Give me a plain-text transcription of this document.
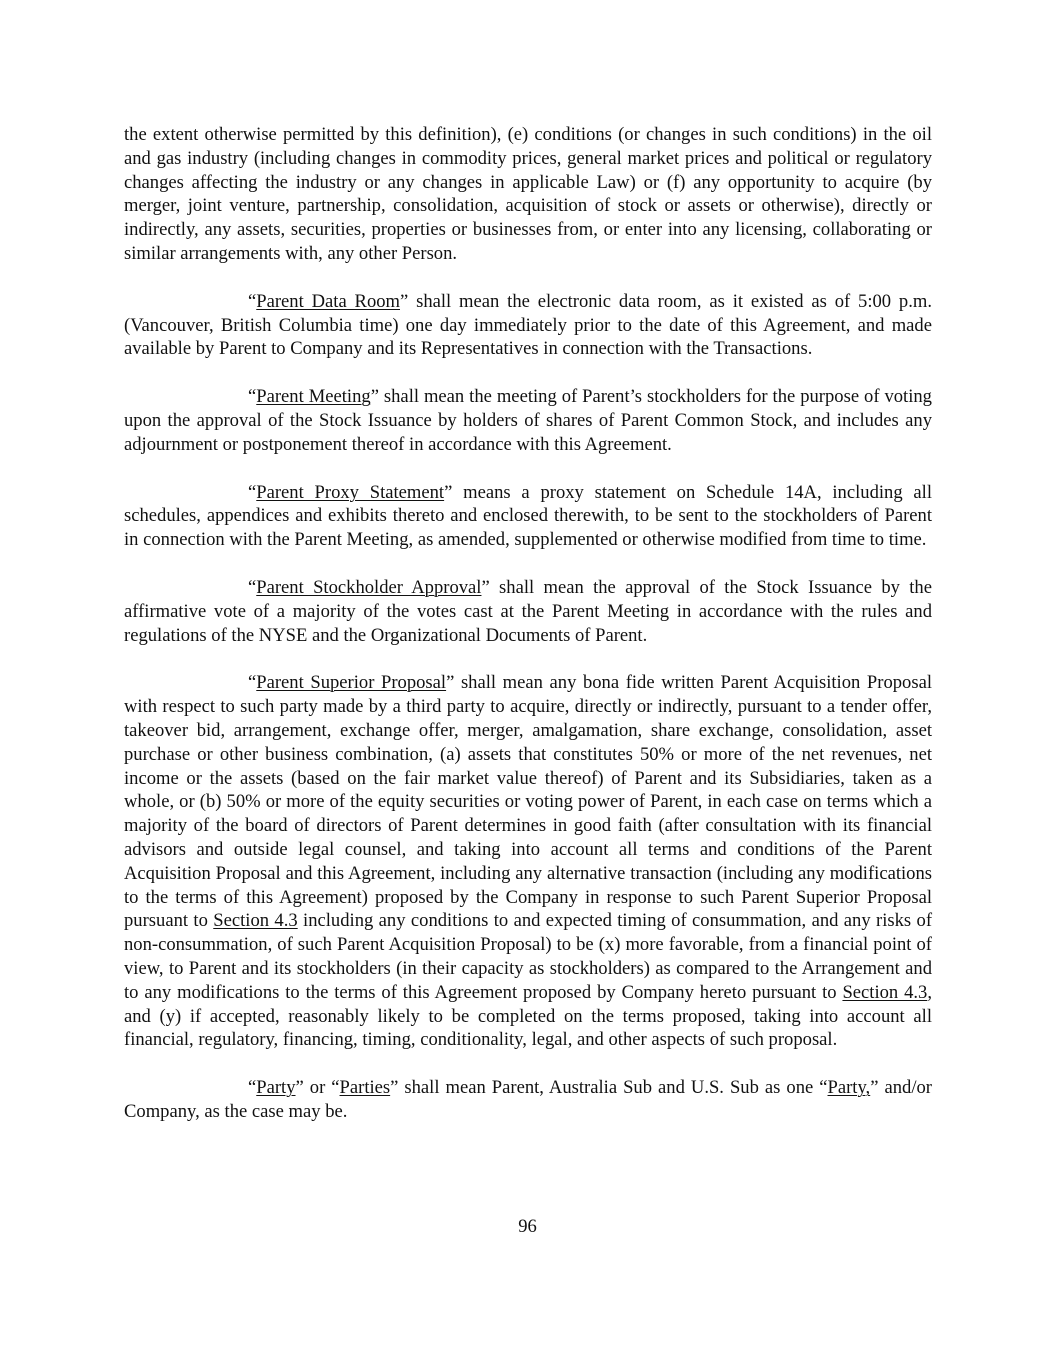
the extent otherwise permitted by this definition), (e) conditions (or changes in such conditions) in the oil and gas industry (including changes in commodity prices, general market prices and political or regulatory changes affecting the industry or any changes in applicable Law) or (f) any opportunity to acquire (by merger, joint venture, partnership, consolidation, acquisition of stock or assets or otherwise), directly or indirectly, any assets, securities, properties or businesses from, or enter into any licensing, collaborating or similar arrangements with, any other Person.

“Parent Data Room” shall mean the electronic data room, as it existed as of 5:00 p.m. (Vancouver, British Columbia time) one day immediately prior to the date of this Agreement, and made available by Parent to Company and its Representatives in connection with the Transactions.

“Parent Meeting” shall mean the meeting of Parent’s stockholders for the purpose of voting upon the approval of the Stock Issuance by holders of shares of Parent Common Stock, and includes any adjournment or postponement thereof in accordance with this Agreement.

“Parent Proxy Statement” means a proxy statement on Schedule 14A, including all schedules, appendices and exhibits thereto and enclosed therewith, to be sent to the stockholders of Parent in connection with the Parent Meeting, as amended, supplemented or otherwise modified from time to time.

“Parent Stockholder Approval” shall mean the approval of the Stock Issuance by the affirmative vote of a majority of the votes cast at the Parent Meeting in accordance with the rules and regulations of the NYSE and the Organizational Documents of Parent.

“Parent Superior Proposal” shall mean any bona fide written Parent Acquisition Proposal with respect to such party made by a third party to acquire, directly or indirectly, pursuant to a tender offer, takeover bid, arrangement, exchange offer, merger, amalgamation, share exchange, consolidation, asset purchase or other business combination, (a) assets that constitutes 50% or more of the net revenues, net income or the assets (based on the fair market value thereof) of Parent and its Subsidiaries, taken as a whole, or (b) 50% or more of the equity securities or voting power of Parent, in each case on terms which a majority of the board of directors of Parent determines in good faith (after consultation with its financial advisors and outside legal counsel, and taking into account all terms and conditions of the Parent Acquisition Proposal and this Agreement, including any alternative transaction (including any modifications to the terms of this Agreement) proposed by the Company in response to such Parent Superior Proposal pursuant to Section 4.3 including any conditions to and expected timing of consummation, and any risks of non-consummation, of such Parent Acquisition Proposal) to be (x) more favorable, from a financial point of view, to Parent and its stockholders (in their capacity as stockholders) as compared to the Arrangement and to any modifications to the terms of this Agreement proposed by Company hereto pursuant to Section 4.3, and (y) if accepted, reasonably likely to be completed on the terms proposed, taking into account all financial, regulatory, financing, timing, conditionality, legal, and other aspects of such proposal.

“Party” or “Parties” shall mean Parent, Australia Sub and U.S. Sub as one “Party,” and/or Company, as the case may be.

96
